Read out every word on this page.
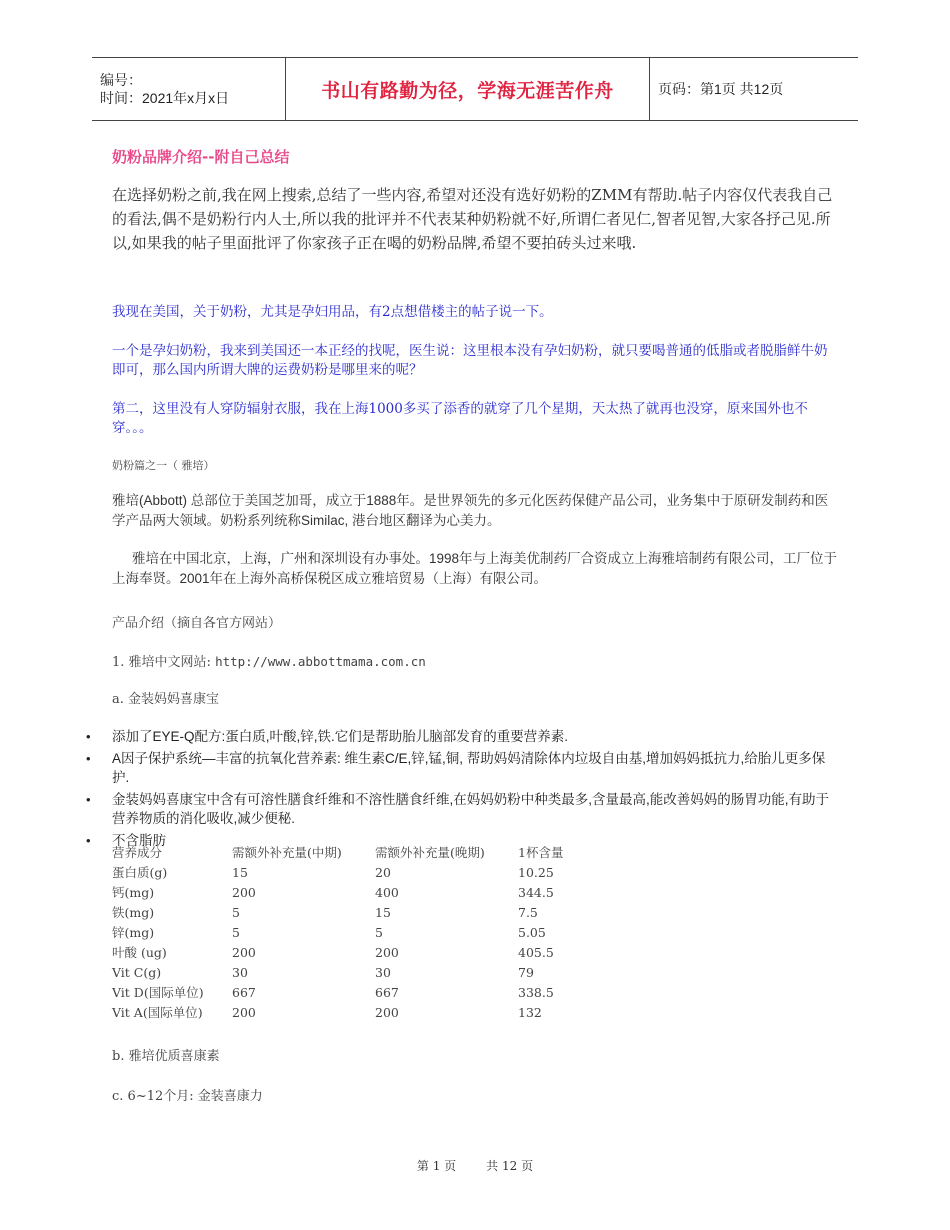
编号：
时间：2021年x月x日	书山有路勤为径，学海无涯苦作舟	页码：第1页 共12页
奶粉品牌介绍--附自己总结

在选择奶粉之前,我在网上搜索,总结了一些内容,希望对还没有选好奶粉的ZMM有帮助.帖子内容仅代表我自己的看法,偶不是奶粉行内人士,所以我的批评并不代表某种奶粉就不好,所谓仁者见仁,智者见智,大家各抒己见.所以,如果我的帖子里面批评了你家孩子正在喝的奶粉品牌,希望不要拍砖头过来哦.

我现在美国，关于奶粉，尤其是孕妇用品，有2点想借楼主的帖子说一下。

一个是孕妇奶粉，我来到美国还一本正经的找呢，医生说：这里根本没有孕妇奶粉，就只要喝普通的低脂或者脱脂鲜牛奶即可，那么国内所谓大牌的运费奶粉是哪里来的呢？

第二，这里没有人穿防辐射衣服，我在上海1000多买了添香的就穿了几个星期，天太热了就再也没穿，原来国外也不穿。。。

奶粉篇之一（ 雅培）

雅培(Abbott) 总部位于美国芝加哥，成立于1888年。是世界领先的多元化医药保健产品公司，业务集中于原研发制药和医学产品两大领域。奶粉系列统称Similac, 港台地区翻译为心美力。

雅培在中国北京，上海，广州和深圳设有办事处。1998年与上海美优制药厂合资成立上海雅培制药有限公司，工厂位于上海奉贤。2001年在上海外高桥保税区成立雅培贸易（上海）有限公司。

产品介绍（摘自各官方网站）

1. 雅培中文网站: http://www.abbottmama.com.cn

a. 金装妈妈喜康宝

• 添加了EYE-Q配方:蛋白质,叶酸,锌,铁.它们是帮助胎儿脑部发育的重要营养素.
• A因子保护系统—丰富的抗氧化营养素: 维生素C/E,锌,锰,铜, 帮助妈妈清除体内垃圾自由基,增加妈妈抵抗力,给胎儿更多保护.
• 金装妈妈喜康宝中含有可溶性膳食纤维和不溶性膳食纤维,在妈妈奶粉中种类最多,含量最高,能改善妈妈的肠胃功能,有助于营养物质的消化吸收,减少便秘.
• 不含脂肪
营养成分	需额外补充量(中期)	需额外补充量(晚期)	1杯含量
蛋白质(g)	15	20	10.25
钙(mg)	200	400	344.5
铁(mg)	5	15	7.5
锌(mg)	5	5	5.05
叶酸 (ug)	200	200	405.5
Vit C(g)	30	30	79
Vit D(国际单位)	667	667	338.5
Vit A(国际单位)	200	200	132

b. 雅培优质喜康素

c. 6~12个月: 金装喜康力

第 1 页	共 12 页
